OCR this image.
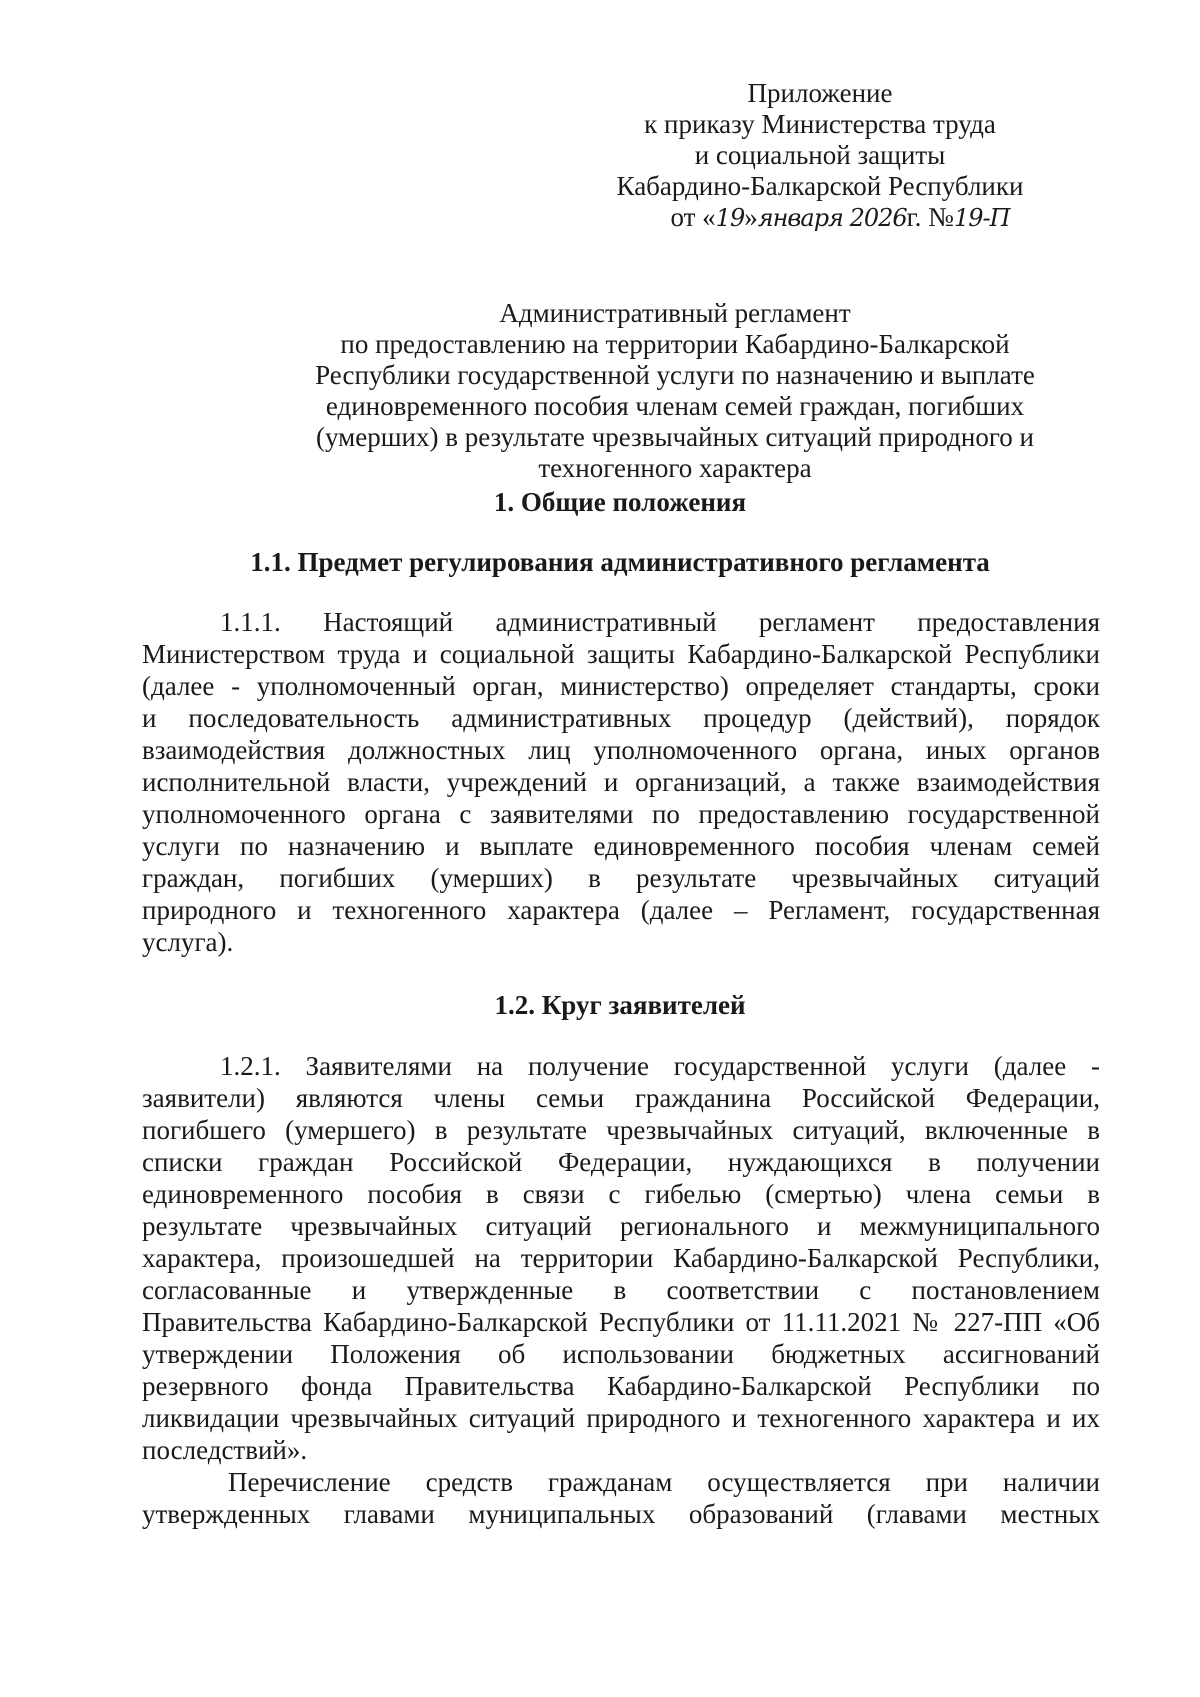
Приложение
к приказу Министерства труда
и социальной защиты
Кабардино-Балкарской Республики
от «19»января 2026г. №19-П
Административный регламент
по предоставлению на территории Кабардино-Балкарской
Республики государственной услуги по назначению и выплате
единовременного пособия членам семей граждан, погибших
(умерших) в результате чрезвычайных ситуаций природного и
техногенного характера
1. Общие положения
1.1. Предмет регулирования административного регламента
1.1.1. Настоящий административный регламент предоставления
Министерством труда и социальной защиты Кабардино-Балкарской Республики
(далее - уполномоченный орган, министерство) определяет стандарты, сроки
и последовательность административных процедур (действий), порядок
взаимодействия должностных лиц уполномоченного органа, иных органов
исполнительной власти, учреждений и организаций, а также взаимодействия
уполномоченного органа с заявителями по предоставлению государственной
услуги по назначению и выплате единовременного пособия членам семей
граждан, погибших (умерших) в результате чрезвычайных ситуаций
природного и техногенного характера (далее – Регламент, государственная
услуга).
1.2. Круг заявителей
1.2.1. Заявителями на получение государственной услуги (далее -
заявители) являются члены семьи гражданина Российской Федерации,
погибшего (умершего) в результате чрезвычайных ситуаций, включенные в
списки граждан Российской Федерации, нуждающихся в получении
единовременного пособия в связи с гибелью (смертью) члена семьи в
результате чрезвычайных ситуаций регионального и межмуниципального
характера, произошедшей на территории Кабардино-Балкарской Республики,
согласованные и утвержденные в соответствии с постановлением
Правительства Кабардино-Балкарской Республики от 11.11.2021 № 227-ПП «Об
утверждении Положения об использовании бюджетных ассигнований
резервного фонда Правительства Кабардино-Балкарской Республики по
ликвидации чрезвычайных ситуаций природного и техногенного характера и их
последствий».
Перечисление средств гражданам осуществляется при наличии
утвержденных главами муниципальных образований (главами местных
